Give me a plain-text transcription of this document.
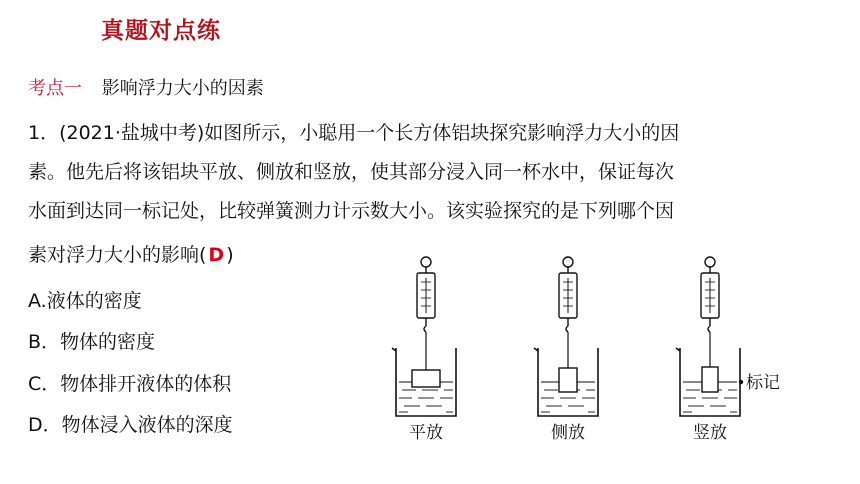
真题对点练
考点一 影响浮力大小的因素
1．(2021·盐城中考)如图所示，小聪用一个长方体铝块探究影响浮力大小的因
素。他先后将该铝块平放、侧放和竖放，使其部分浸入同一杯水中，保证每次
水面到达同一标记处，比较弹簧测力计示数大小。该实验探究的是下列哪个因
素对浮力大小的影响( D )
A.液体的密度
B．物体的密度
C．物体排开液体的体积
D．物体浸入液体的深度	平放	侧放
标记
竖放
